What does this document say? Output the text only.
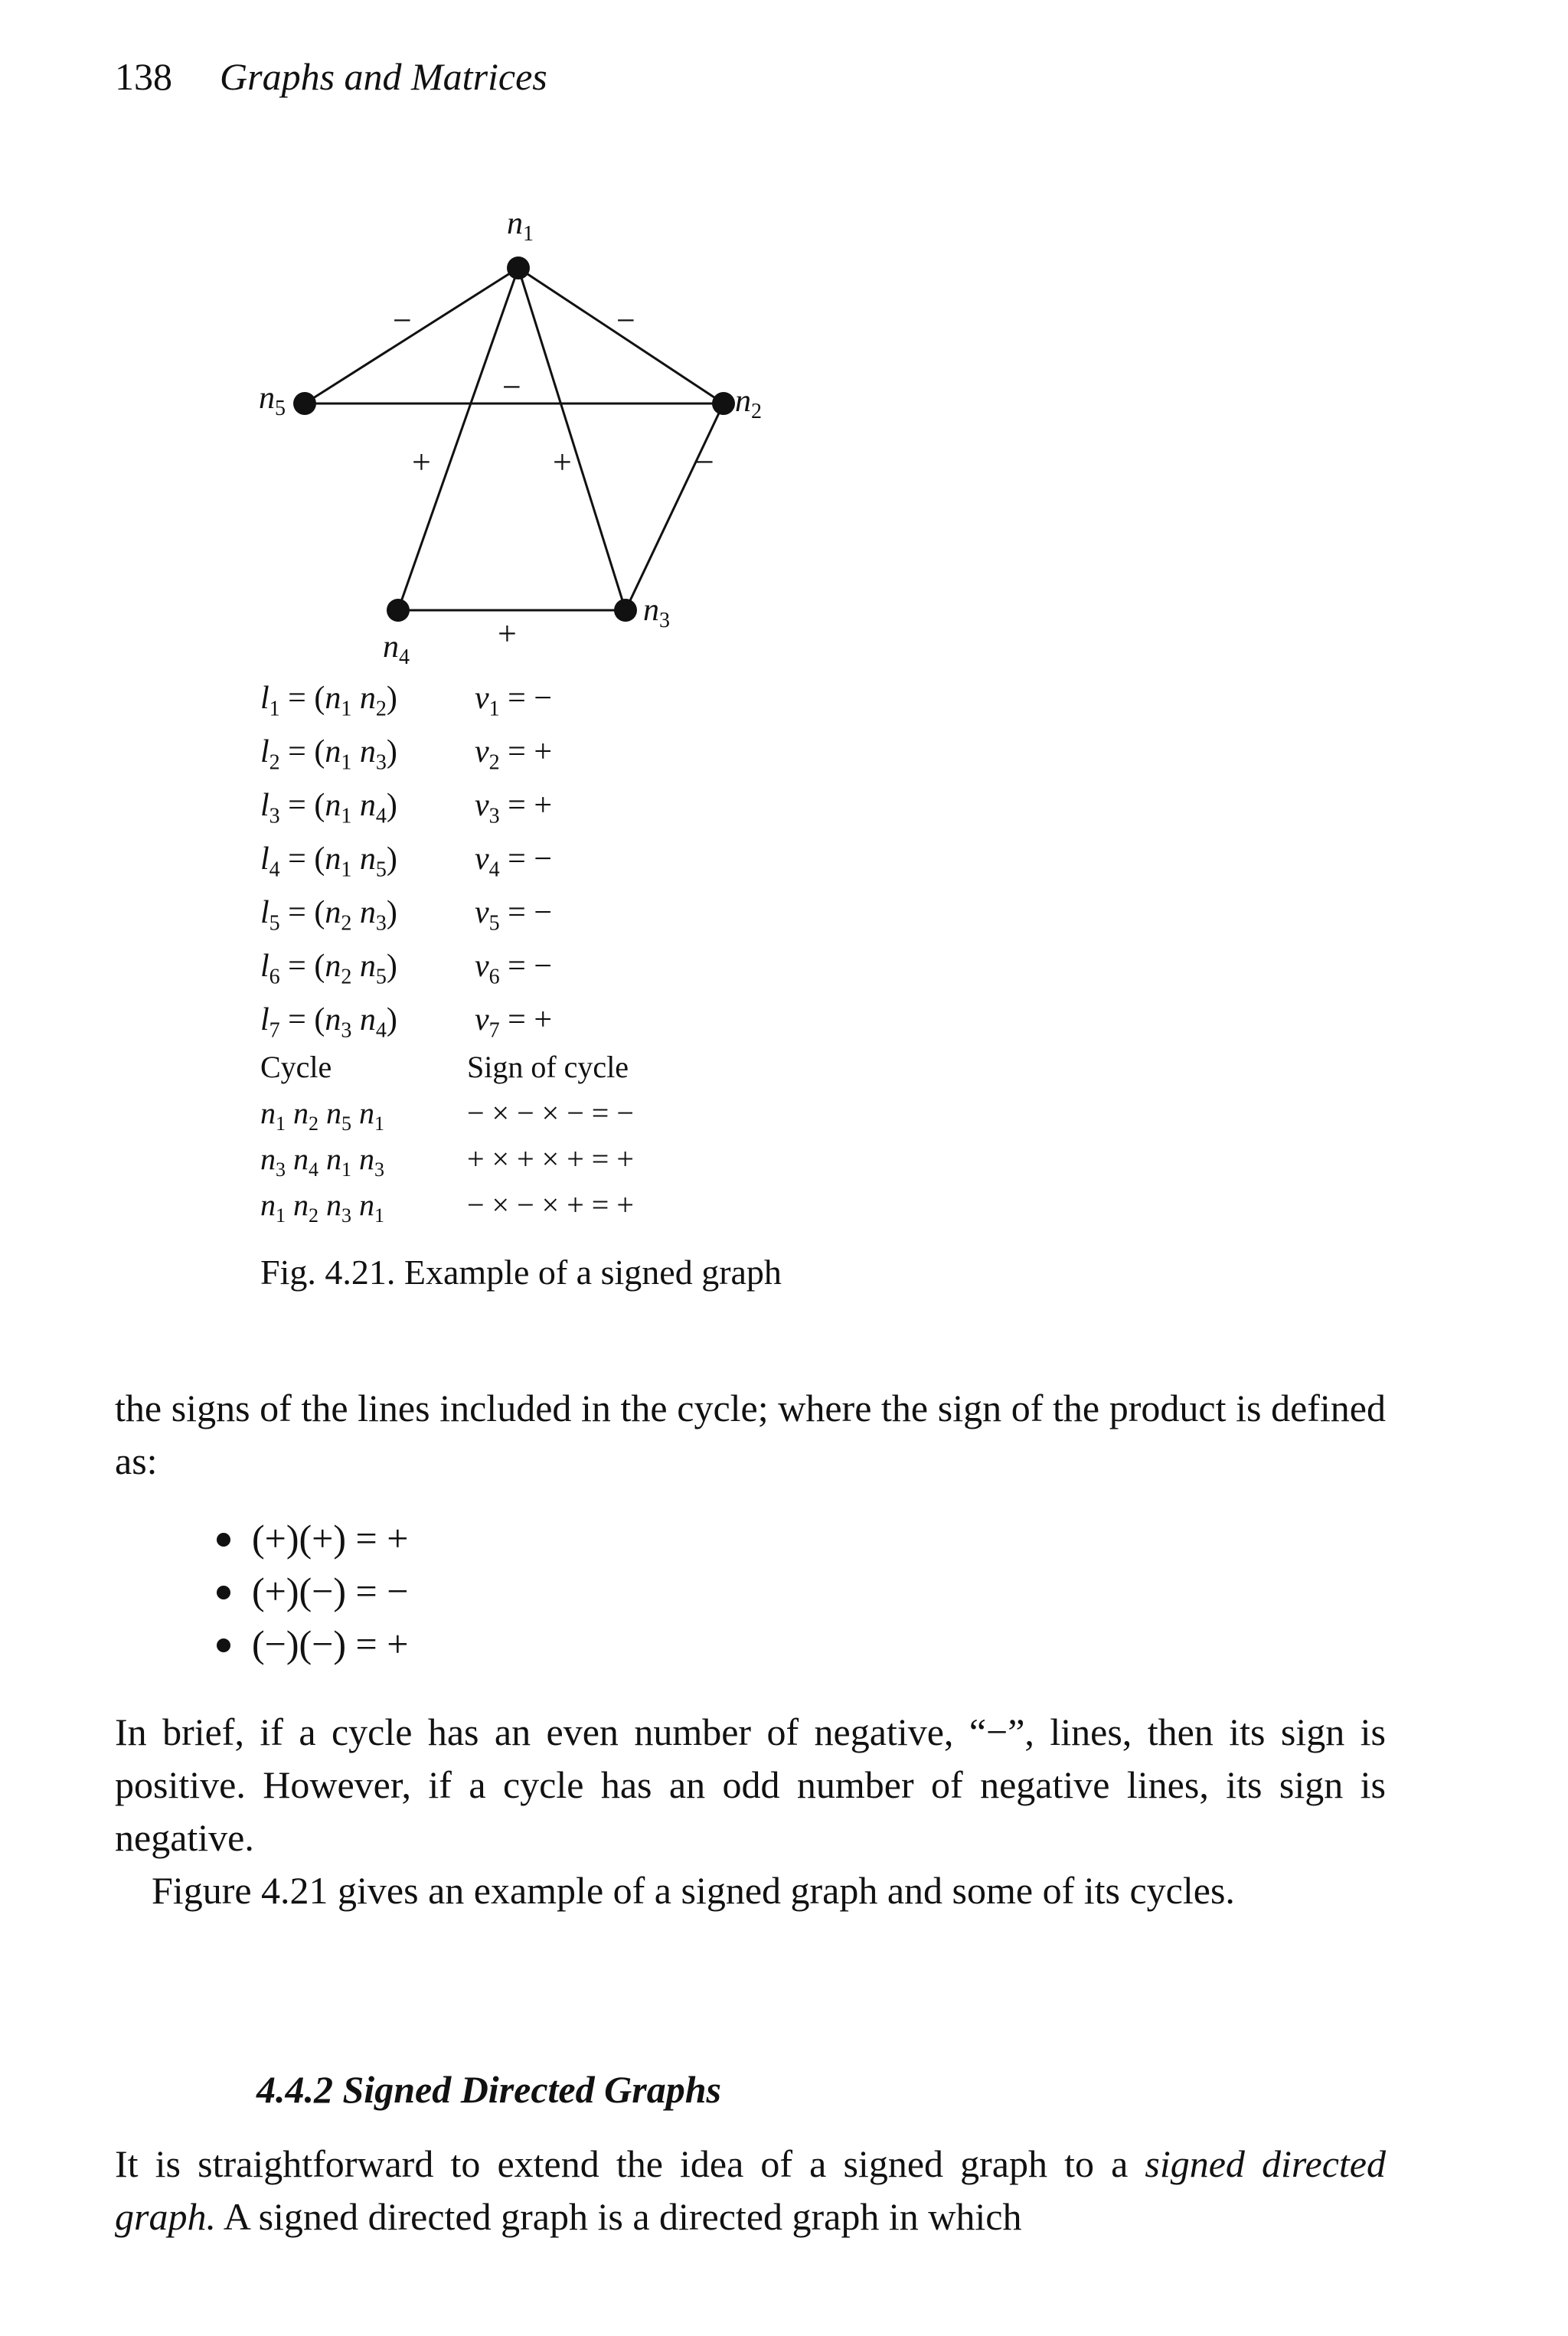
138 Graphs and Matrices
$n_1$
$n_2$
$n_3$
$n_4$
$n_5$
−
+
+
−
−
−
+
$l_1 = (n_1$ $n_2$) $v_1$ = −
$l_2 = (n_1$ $n_3$) $v_2$ = +
$l_3 = (n_1$ $n_4$) $v_3$ = +
$l_4 = (n_1$ $n_5$) $v_4$ = −
$l_5 = (n_2$ $n_3$) $v_5$ = −
$l_6 = (n_2$ $n_5$) $v_6$ = −
$l_7 = (n_3$ $n_4$) $v_7$ = +
Cycle	Sign of cycle
$n_1$ $n_2$ $n_5$ $n_1$	− × − × − = −
$n_3$ $n_4$ $n_1$ $n_3$	+ × + × + = +
$n_1$ $n_2$ $n_3$ $n_1$	− × − × + = +
Fig. 4.21. Example of a signed graph
the signs of the lines included in the cycle; where the sign of the product is defined as:
(+)(+) = +
(+)(−) = −
(−)(−) = +
In brief, if a cycle has an even number of negative, “−”, lines, then its sign is positive. However, if a cycle has an odd number of negative lines, its sign is negative.
Figure 4.21 gives an example of a signed graph and some of its cycles.
4.4.2 Signed Directed Graphs
It is straightforward to extend the idea of a signed graph to a signed directed graph. A signed directed graph is a directed graph in which
